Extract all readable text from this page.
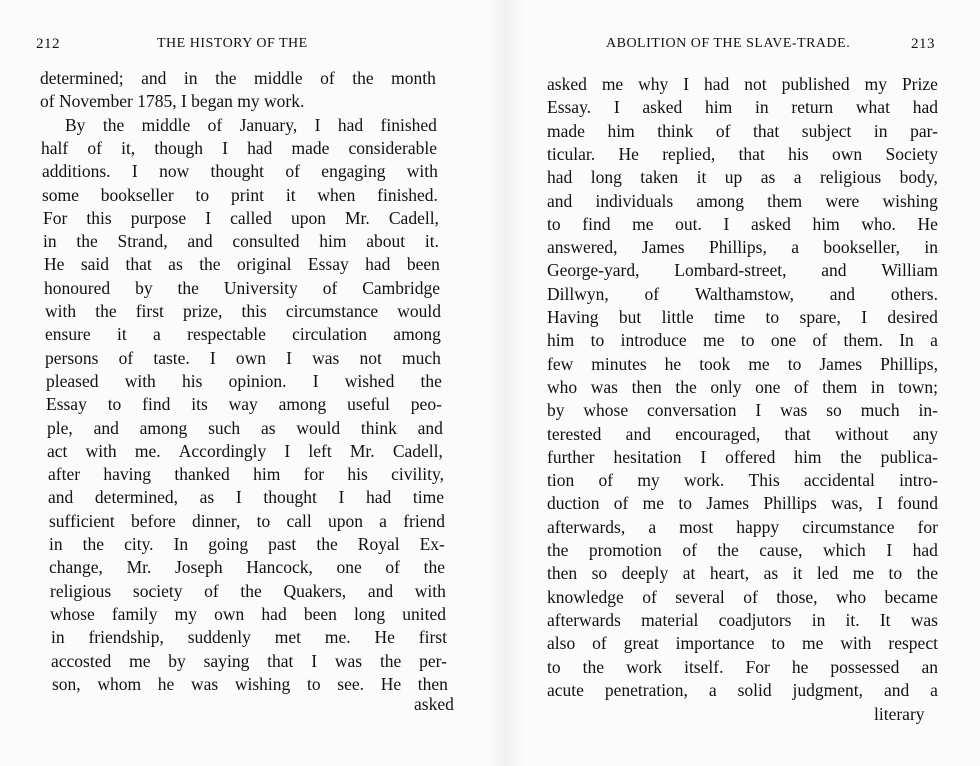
212	THE HISTORY OF THE	ABOLITION OF THE SLAVE-TRADE.	213
asked	literary
determined; and in the middle of the month
of November 1785, I began my work.
By the middle of January, I had finished
half of it, though I had made considerable
additions. I now thought of engaging with
some bookseller to print it when finished.
For this purpose I called upon Mr. Cadell,
in the Strand, and consulted him about it.
He said that as the original Essay had been
honoured by the University of Cambridge
with the first prize, this circumstance would
ensure it a respectable circulation among
persons of taste. I own I was not much
pleased with his opinion. I wished the
Essay to find its way among useful peo-
ple, and among such as would think and
act with me. Accordingly I left Mr. Cadell,
after having thanked him for his civility,
and determined, as I thought I had time
sufficient before dinner, to call upon a friend
in the city. In going past the Royal Ex-
change, Mr. Joseph Hancock, one of the
religious society of the Quakers, and with
whose family my own had been long united
in friendship, suddenly met me. He first
accosted me by saying that I was the per-
son, whom he was wishing to see. He then
asked me why I had not published my Prize
Essay. I asked him in return what had
made him think of that subject in par-
ticular. He replied, that his own Society
had long taken it up as a religious body,
and individuals among them were wishing
to find me out. I asked him who. He
answered, James Phillips, a bookseller, in
George-yard, Lombard-street, and William
Dillwyn, of Walthamstow, and others.
Having but little time to spare, I desired
him to introduce me to one of them. In a
few minutes he took me to James Phillips,
who was then the only one of them in town;
by whose conversation I was so much in-
terested and encouraged, that without any
further hesitation I offered him the publica-
tion of my work. This accidental intro-
duction of me to James Phillips was, I found
afterwards, a most happy circumstance for
the promotion of the cause, which I had
then so deeply at heart, as it led me to the
knowledge of several of those, who became
afterwards material coadjutors in it. It was
also of great importance to me with respect
to the work itself. For he possessed an
acute penetration, a solid judgment, and a
